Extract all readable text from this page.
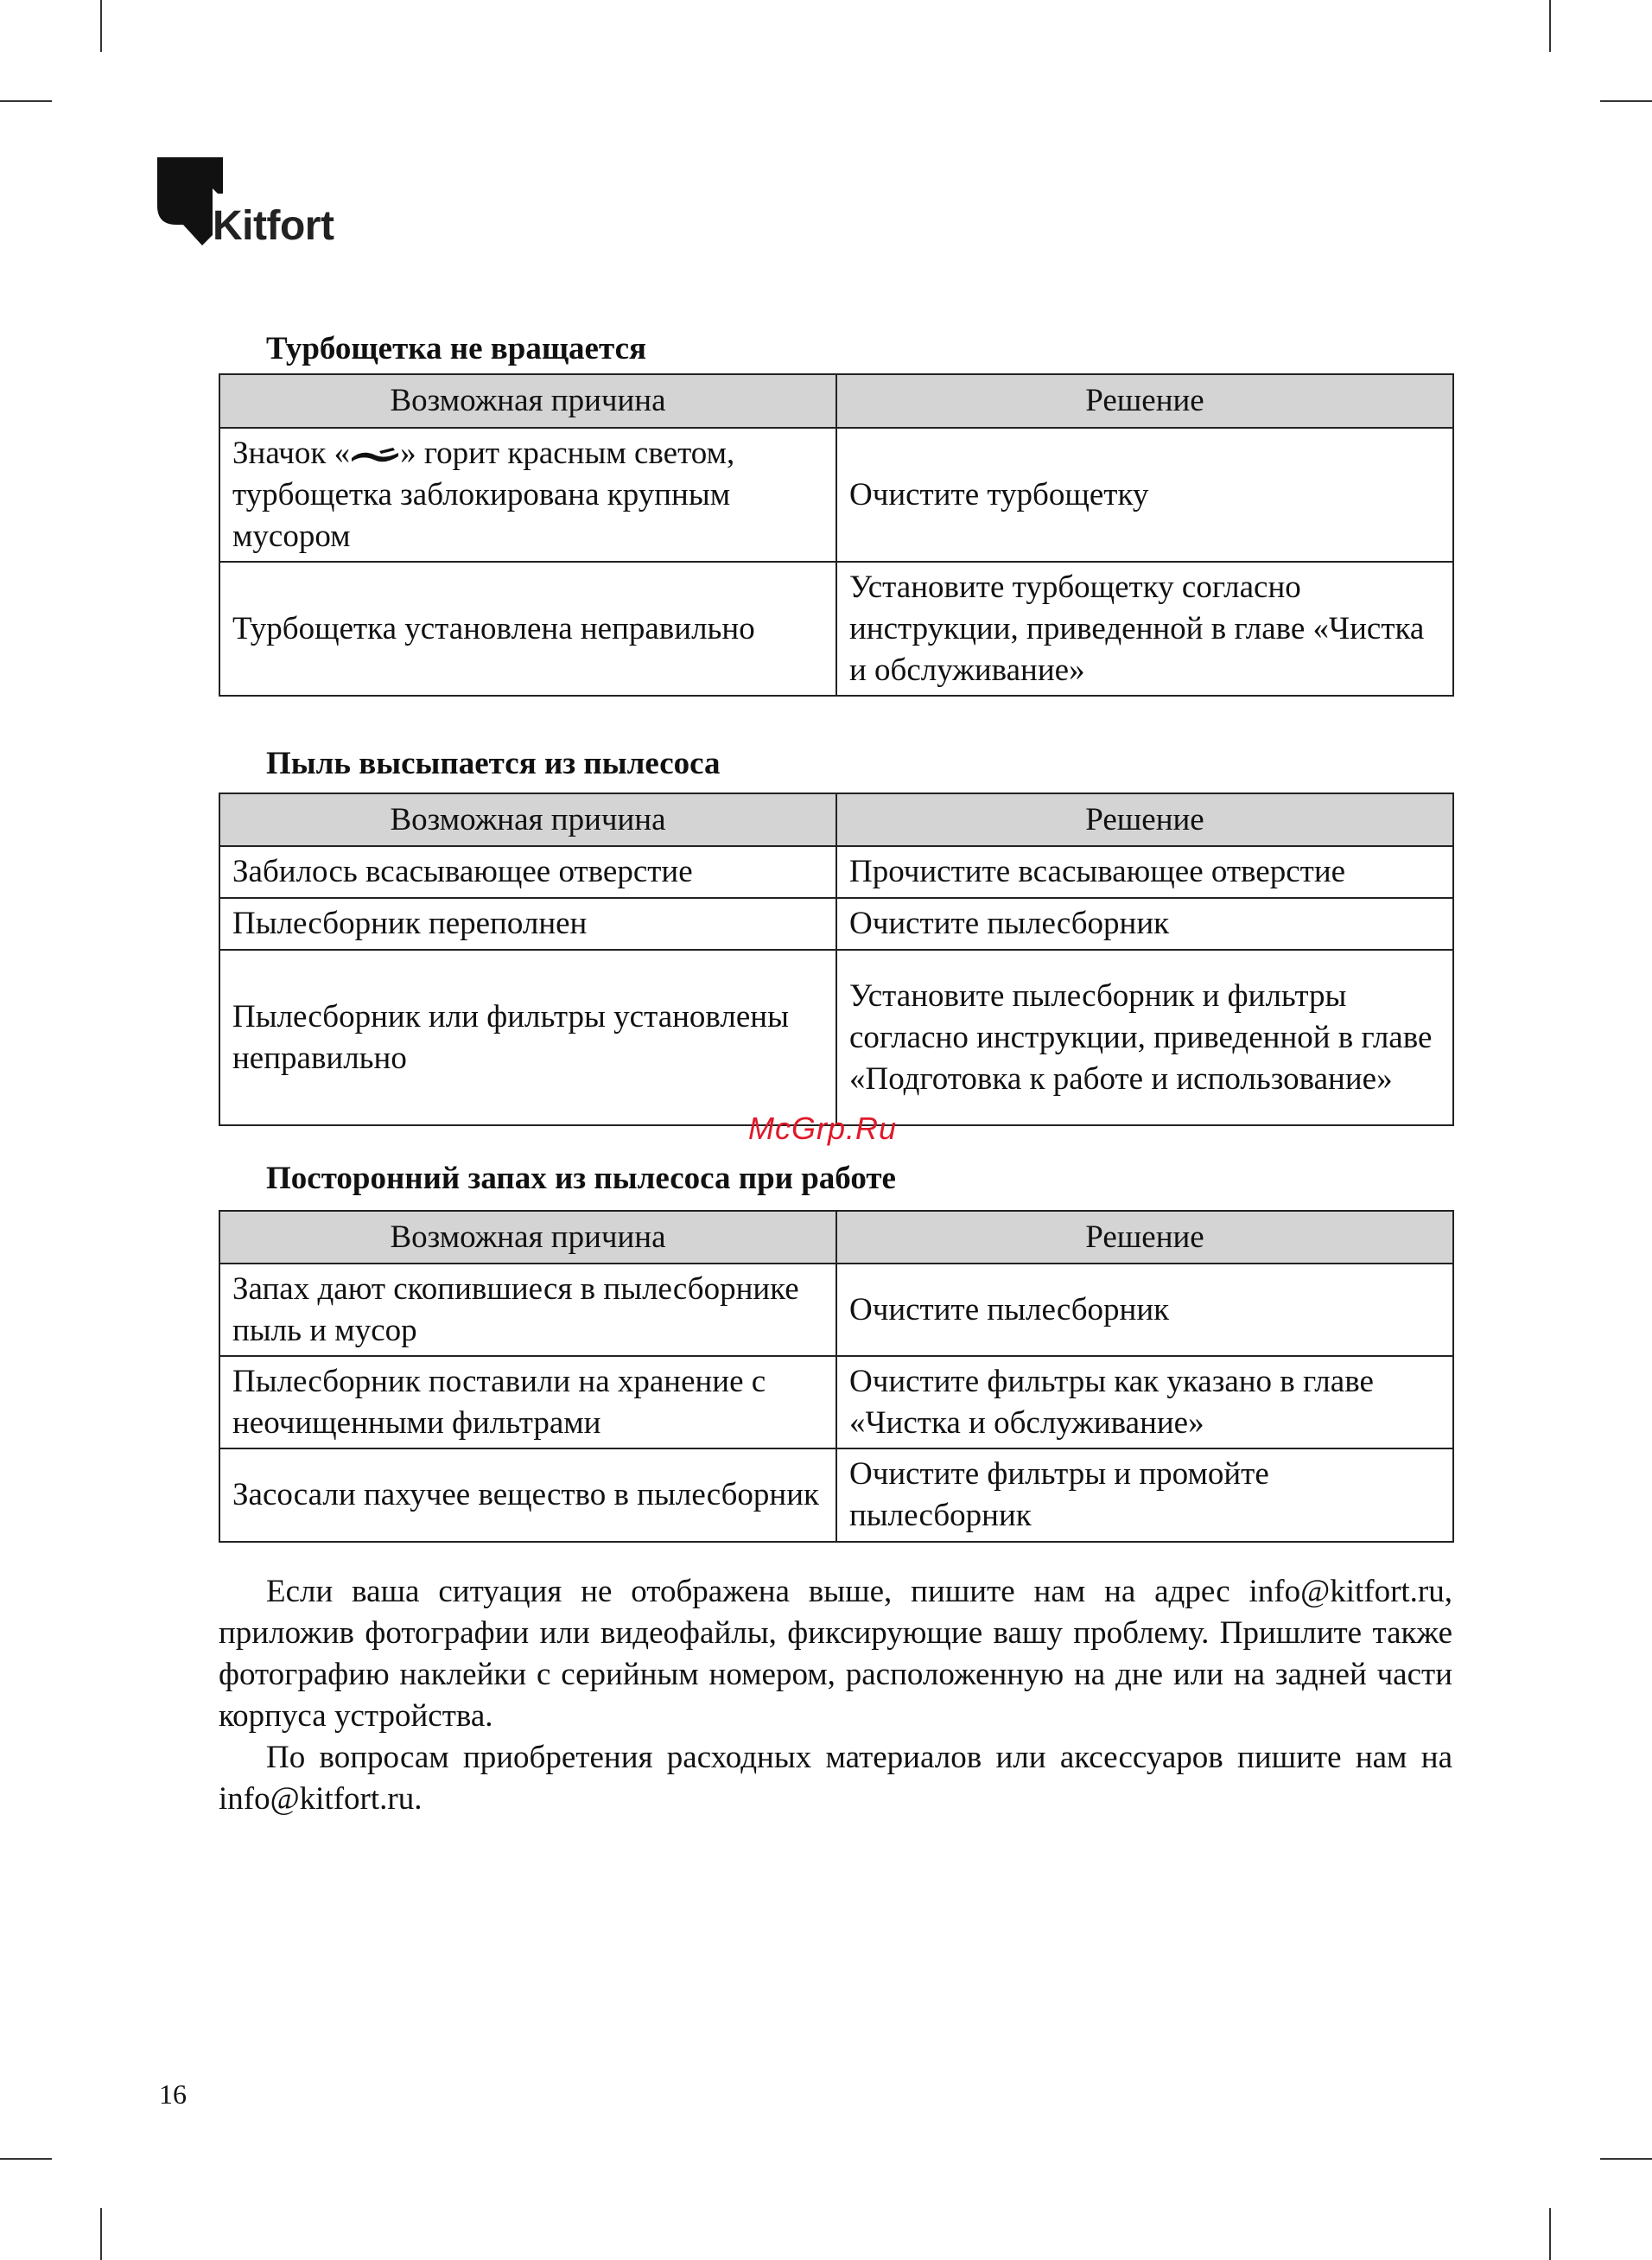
Kitfort
Турбощетка не вращается
Возможная причина	Решение
Значок « » горит красным светом, турбощетка заблокирована крупным мусором	Очистите турбощетку
Турбощетка установлена неправильно	Установите турбощетку согласно инструкции, приведенной в главе «Чистка и обслуживание»
Пыль высыпается из пылесоса
Возможная причина	Решение
Забилось всасывающее отверстие	Прочистите всасывающее отверстие
Пылесборник переполнен	Очистите пылесборник
Пылесборник или фильтры установлены неправильно	Установите пылесборник и фильтры согласно инструкции, приведенной в главе «Подготовка к работе и использование»
Посторонний запах из пылесоса при работе
Возможная причина	Решение
Запах дают скопившиеся в пылесборнике пыль и мусор	Очистите пылесборник
Пылесборник поставили на хранение с неочищенными фильтрами	Очистите фильтры как указано в главе «Чистка и обслуживание»
Засосали пахучее вещество в пылесборник	Очистите фильтры и промойте пылесборник

Если ваша ситуация не отображена выше, пишите нам на адрес info@kitfort.ru, приложив фотографии или видеофайлы, фиксирующие вашу проблему. Пришлите также фотографию наклейки с серийным номером, расположенную на дне или на задней части корпуса устройства.

По вопросам приобретения расходных материалов или аксессуаров пишите нам на info@kitfort.ru.

McGrp.Ru
16
